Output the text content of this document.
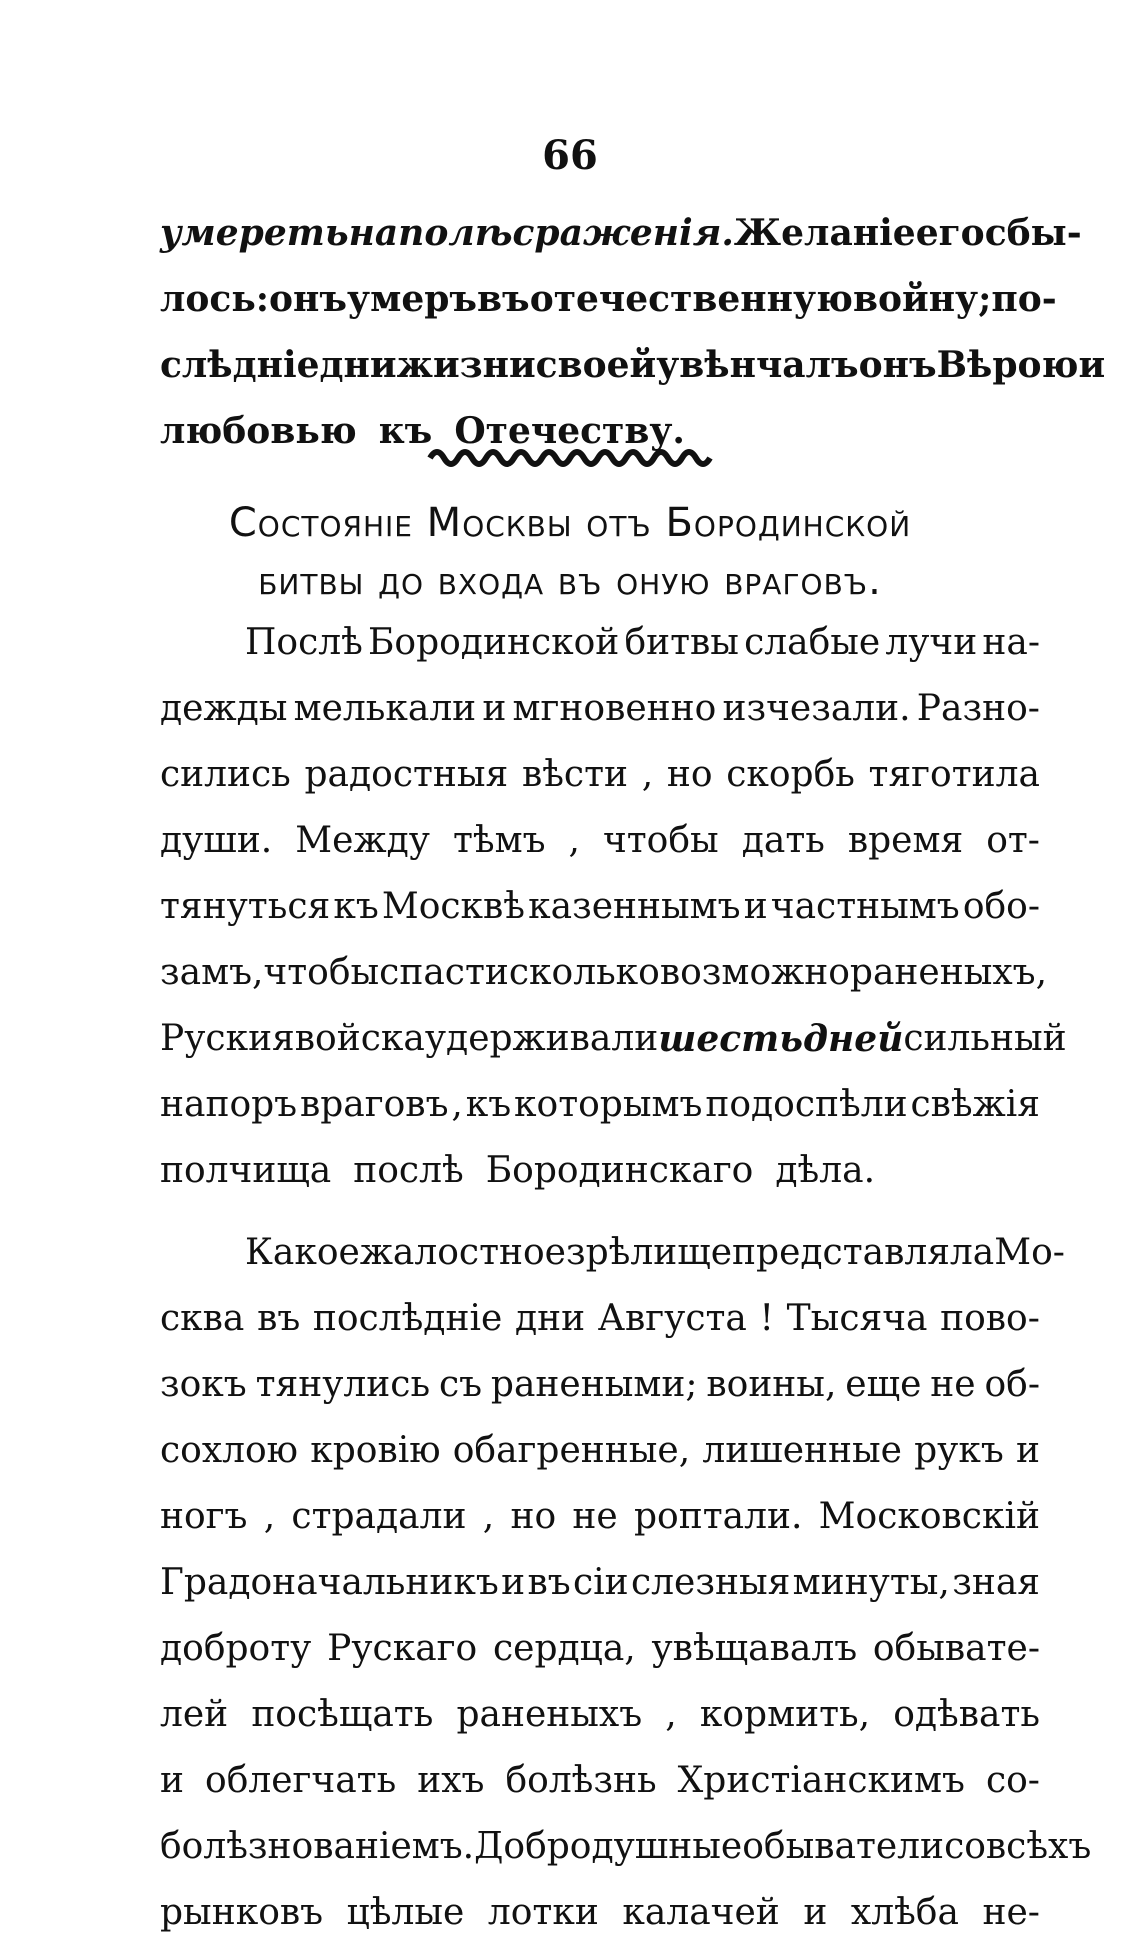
66
умереть на полѣ сраженія. Желаніе его сбы-
лось: онъ умеръ въ отечественную войну ; по-
слѣдніе дни жизни своей увѣнчалъ онъ Вѣрою и
любовью къ Отечеству.
Состояніе Москвы отъ Бородинской
битвы до входа въ оную враговъ.
Послѣ Бородинской битвы слабые лучи на-
дежды мелькали и мгновенно изчезали. Разно-
сились радостныя вѣсти , но скорбь тяготила
души. Между тѣмъ , чтобы дать время от-
тянуться къ Москвѣ казеннымъ и частнымъ обо-
замъ, чтобы спасти сколько возможно раненыхъ,
Руския войска удерживали шесть дней сильный
напоръ враговъ , къ которымъ подоспѣли свѣжія
полчища послѣ Бородинскаго дѣла.
Какое жалостное зрѣлище представляла Мо-
сква въ послѣдніе дни Августа ! Тысяча пово-
зокъ тянулись съ ранеными; воины, еще не об-
сохлою кровію обагренные, лишенные рукъ и
ногъ , страдали , но не роптали. Московскій
Градоначальникъ и въ сіи слезныя минуты, зная
доброту Рускаго сердца, увѣщавалъ обывате-
лей посѣщать раненыхъ , кормить, одѣвать
и облегчать ихъ болѣзнь Христіанскимъ со-
болѣзнованіемъ. Добродушные обыватели со всѣхъ
рынковъ цѣлые лотки калачей и хлѣба не-
